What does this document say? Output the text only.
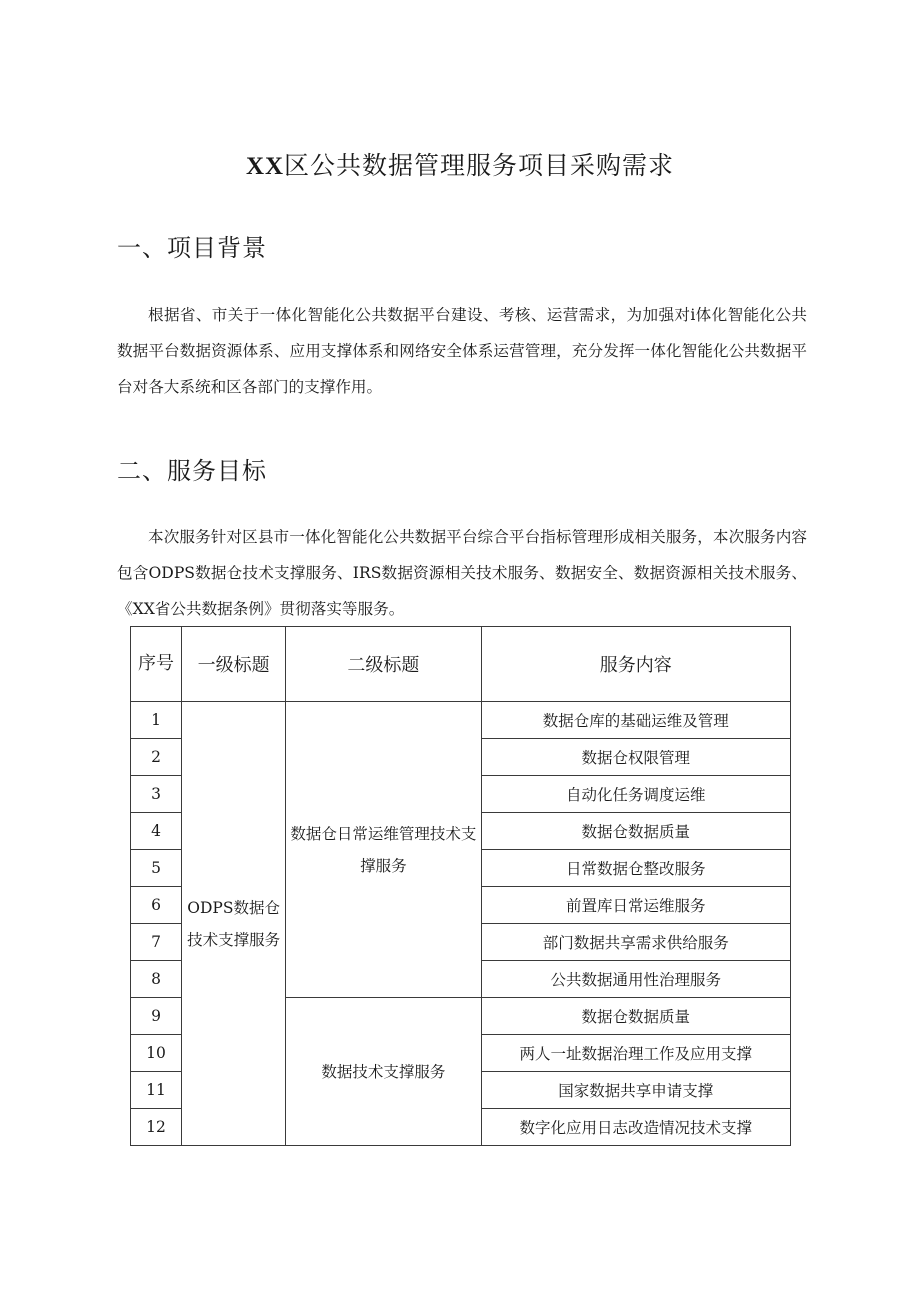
XX区公共数据管理服务项目采购需求
一、项目背景

根据省、市关于一体化智能化公共数据平台建设、考核、运营需求，为加强对i体化智能化公共数据平台数据资源体系、应用支撑体系和网络安全体系运营管理，充分发挥一体化智能化公共数据平台对各大系统和区各部门的支撑作用。

二、服务目标

本次服务针对区县市一体化智能化公共数据平台综合平台指标管理形成相关服务，本次服务内容包含ODPS数据仓技术支撑服务、IRS数据资源相关技术服务、数据安全、数据资源相关技术服务、《XX省公共数据条例》贯彻落实等服务。

序号	一级标题	二级标题	服务内容
1	ODPS数据仓技术支撑服务	数据仓日常运维管理技术支撑服务	数据仓库的基础运维及管理
2			数据仓权限管理
3			自动化任务调度运维
4			数据仓数据质量
5			日常数据仓整改服务
6			前置库日常运维服务
7			部门数据共享需求供给服务
8			公共数据通用性治理服务
9		数据技术支撑服务	数据仓数据质量
10			两人一址数据治理工作及应用支撑
11			国家数据共享申请支撑
12			数字化应用日志改造情况技术支撑
